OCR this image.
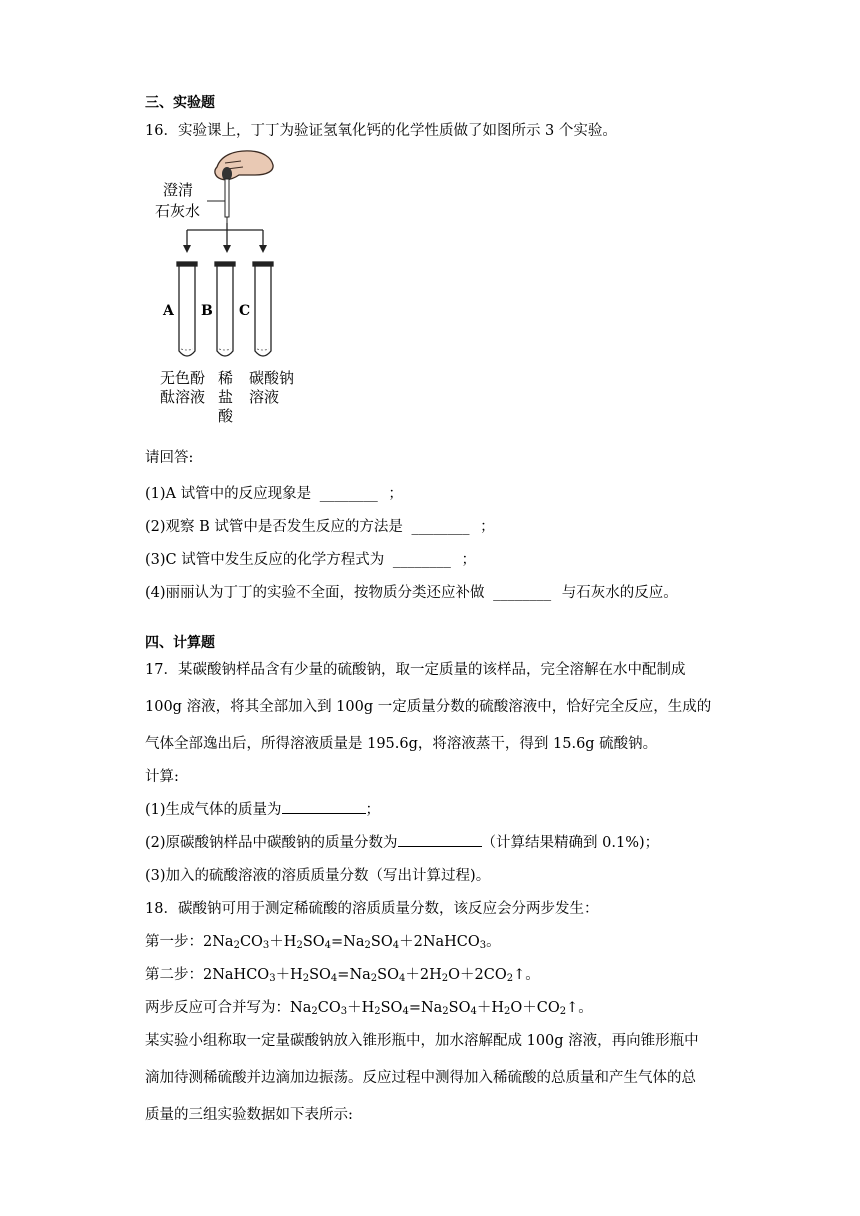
三、实验题
16．实验课上，丁丁为验证氢氧化钙的化学性质做了如图所示 3 个实验。
澄清
石灰水
A B C
无色酚
酞溶液
稀
盐
酸
碳酸钠
溶液
请回答:
(1)A 试管中的反应现象是 ________ ；
(2)观察 B 试管中是否发生反应的方法是 ________ ；
(3)C 试管中发生反应的化学方程式为 ________ ；
(4)丽丽认为丁丁的实验不全面，按物质分类还应补做 ________ 与石灰水的反应。
四、计算题
17．某碳酸钠样品含有少量的硫酸钠，取一定质量的该样品，完全溶解在水中配制成
100g 溶液，将其全部加入到 100g 一定质量分数的硫酸溶液中，恰好完全反应，生成的
气体全部逸出后，所得溶液质量是 195.6g，将溶液蒸干，得到 15.6g 硫酸钠。
计算:
(1)生成气体的质量为	；
(2)原碳酸钠样品中碳酸钠的质量分数为	（计算结果精确到 0.1%)；
(3)加入的硫酸溶液的溶质质量分数（写出计算过程)。
18．碳酸钠可用于测定稀硫酸的溶质质量分数，该反应会分两步发生：
第一步：$2Na_2CO_3+H_2SO_4=Na_2SO_4+2NaHCO_3$。
第二步：$2NaHCO_3+H_2SO_4=Na_2SO_4+2H_2O+2CO_2↑$。
两步反应可合并写为：$Na_2CO_3+H_2SO_4=Na_2SO_4+H_2O+CO_2↑$。
某实验小组称取一定量碳酸钠放入锥形瓶中，加水溶解配成 100g 溶液，再向锥形瓶中
滴加待测稀硫酸并边滴加边振荡。反应过程中测得加入稀硫酸的总质量和产生气体的总
质量的三组实验数据如下表所示:
